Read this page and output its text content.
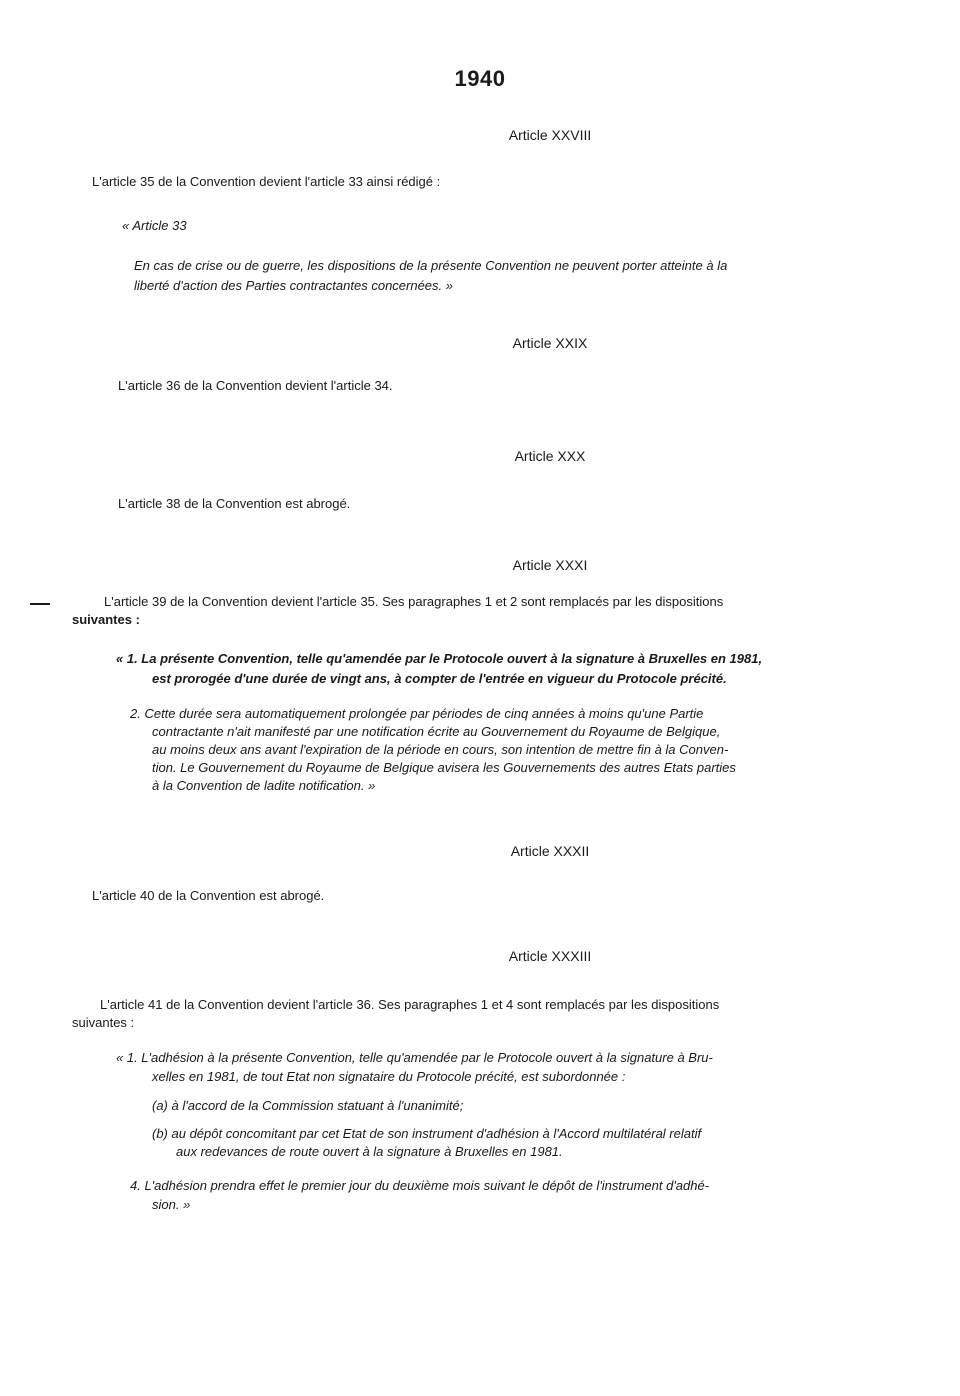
1940
Article XXVIII

L'article 35 de la Convention devient l'article 33 ainsi rédigé :

« Article 33

En cas de crise ou de guerre, les dispositions de la présente Convention ne peuvent porter atteinte à la

liberté d'action des Parties contractantes concernées. »

Article XXIX

L'article 36 de la Convention devient l'article 34.

Article XXX

L'article 38 de la Convention est abrogé.

Article XXXI

L'article 39 de la Convention devient l'article 35. Ses paragraphes 1 et 2 sont remplacés par les dispositions

suivantes :

« 1. La présente Convention, telle qu'amendée par le Protocole ouvert à la signature à Bruxelles en 1981,

est prorogée d'une durée de vingt ans, à compter de l'entrée en vigueur du Protocole précité.

2. Cette durée sera automatiquement prolongée par périodes de cinq années à moins qu'une Partie

contractante n'ait manifesté par une notification écrite au Gouvernement du Royaume de Belgique,

au moins deux ans avant l'expiration de la période en cours, son intention de mettre fin à la Conven-

tion. Le Gouvernement du Royaume de Belgique avisera les Gouvernements des autres Etats parties

à la Convention de ladite notification. »

Article XXXII

L'article 40 de la Convention est abrogé.

Article XXXIII

L'article 41 de la Convention devient l'article 36. Ses paragraphes 1 et 4 sont remplacés par les dispositions

suivantes :

« 1. L'adhésion à la présente Convention, telle qu'amendée par le Protocole ouvert à la signature à Bru-

xelles en 1981, de tout Etat non signataire du Protocole précité, est subordonnée :

(a) à l'accord de la Commission statuant à l'unanimité;

(b) au dépôt concomitant par cet Etat de son instrument d'adhésion à l'Accord multilatéral relatif

aux redevances de route ouvert à la signature à Bruxelles en 1981.

4. L'adhésion prendra effet le premier jour du deuxième mois suivant le dépôt de l'instrument d'adhé-

sion. »
